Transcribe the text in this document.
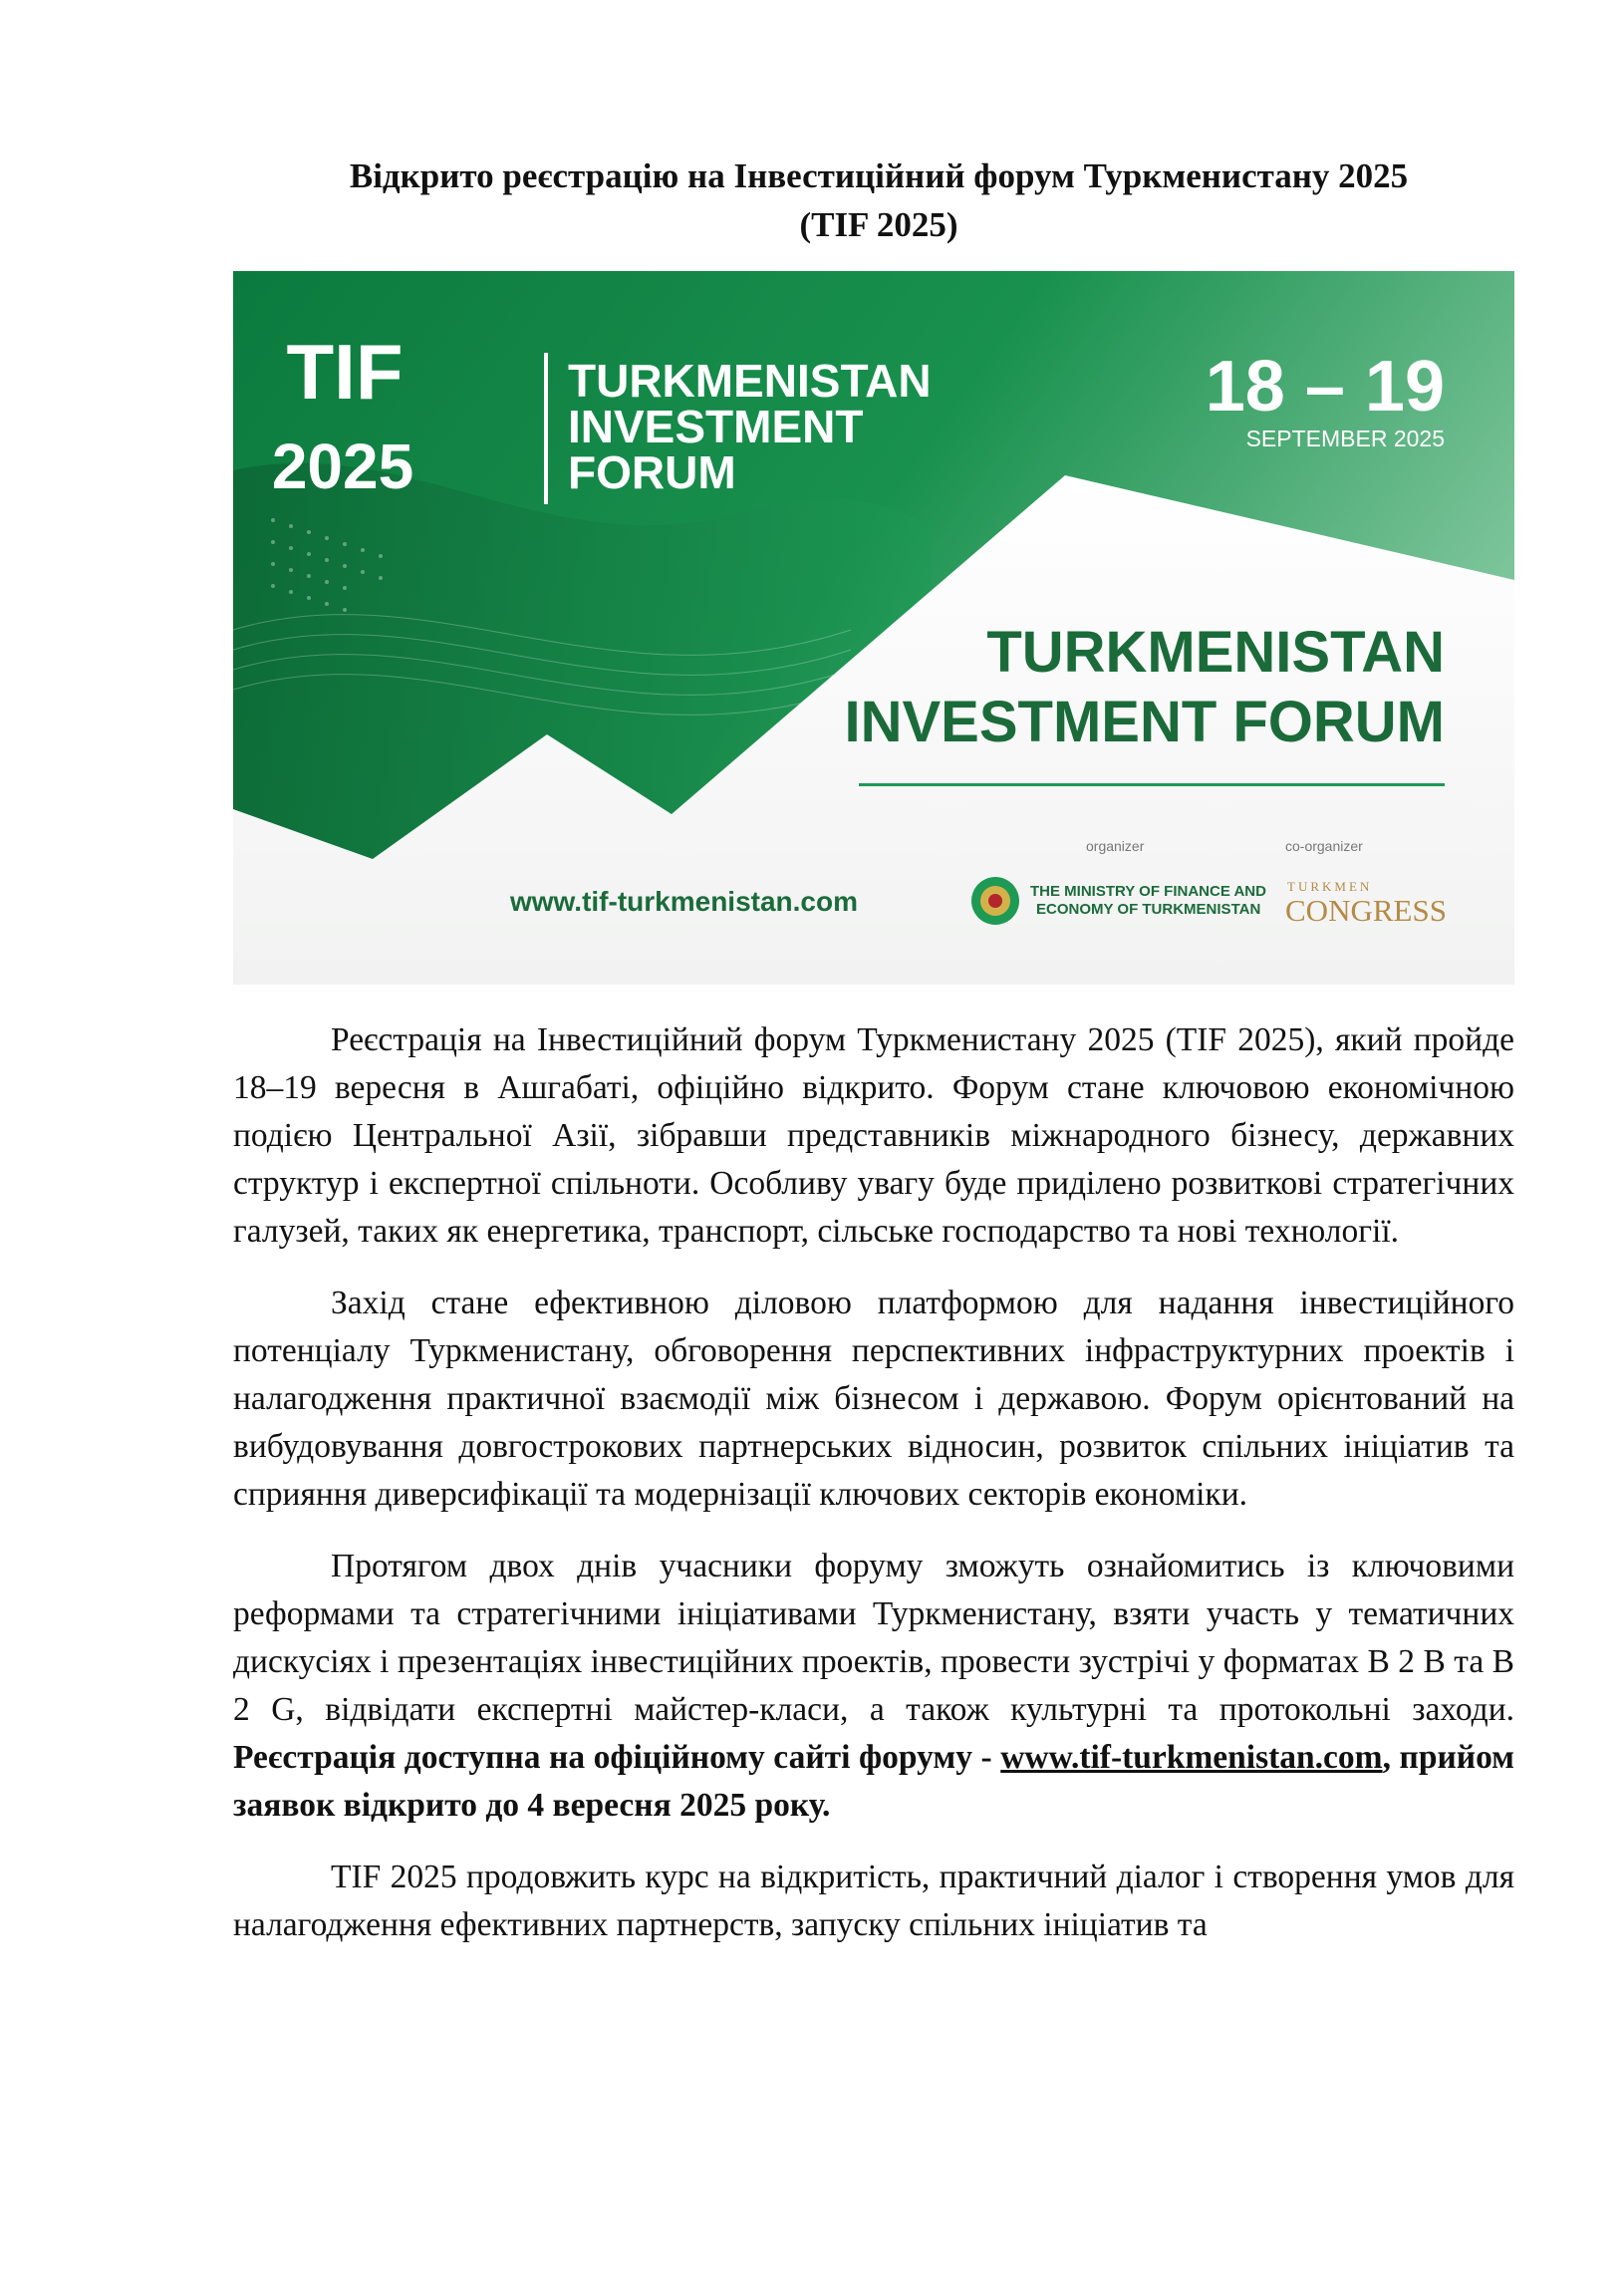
Відкрито реєстрацію на Інвестиційний форум Туркменистану 2025
(TIF 2025)
TIF
2025
TURKMENISTAN
INVESTMENT
FORUM
18 – 19
SEPTEMBER 2025
TURKMENISTAN
INVESTMENT FORUM
www.tif-turkmenistan.com
organizer	co-organizer
THE MINISTRY OF FINANCE AND
ECONOMY OF TURKMENISTAN
TURKMEN
CONGRESS

Реєстрація на Інвестиційний форум Туркменистану 2025 (TIF 2025), який пройде 18–19 вересня в Ашгабаті, офіційно відкрито. Форум стане ключовою економічною подією Центральної Азії, зібравши представників міжнародного бізнесу, державних структур і експертної спільноти. Особливу увагу буде приділено розвиткові стратегічних галузей, таких як енергетика, транспорт, сільське господарство та нові технології.

Захід стане ефективною діловою платформою для надання інвестиційного потенціалу Туркменистану, обговорення перспективних інфраструктурних проектів і налагодження практичної взаємодії між бізнесом і державою. Форум орієнтований на вибудовування довгострокових партнерських відносин, розвиток спільних ініціатив та сприяння диверсифікації та модернізації ключових секторів економіки.

Протягом двох днів учасники форуму зможуть ознайомитись із ключовими реформами та стратегічними ініціативами Туркменистану, взяти участь у тематичних дискусіях і презентаціях інвестиційних проектів, провести зустрічі у форматах B 2 B та B 2 G, відвідати експертні майстер-класи, а також культурні та протокольні заходи. Реєстрація доступна на офіційному сайті форуму - www.tif-turkmenistan.com, прийом заявок відкрито до 4 вересня 2025 року.

TIF 2025 продовжить курс на відкритість, практичний діалог і створення умов для налагодження ефективних партнерств, запуску спільних ініціатив та
